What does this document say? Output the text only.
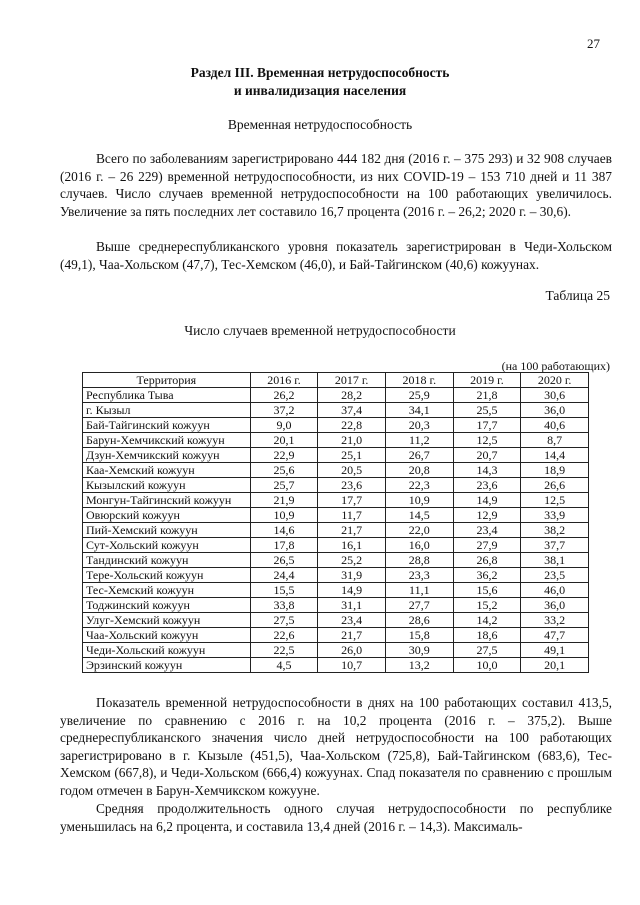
27
Раздел III. Временная нетрудоспособность
и инвалидизация населения
Временная нетрудоспособность

Всего по заболеваниям зарегистрировано 444 182 дня (2016 г. – 375 293) и 32 908 случаев (2016 г. – 26 229) временной нетрудоспособности, из них COVID-19 – 153 710 дней и 11 387 случаев. Число случаев временной нетрудоспособности на 100 работающих увеличилось. Увеличение за пять последних лет составило 16,7 процента (2016 г. – 26,2; 2020 г. – 30,6).

Выше среднереспубликанского уровня показатель зарегистрирован в Чеди-Хольском (49,1), Чаа-Хольском (47,7), Тес-Хемском (46,0), и Бай-Тайгинском (40,6) кожуунах.

Таблица 25
Число случаев временной нетрудоспособности
(на 100 работающих)
Территория	2016 г.	2017 г.	2018 г.	2019 г.	2020 г.
Республика Тыва	26,2	28,2	25,9	21,8	30,6
г. Кызыл	37,2	37,4	34,1	25,5	36,0
Бай-Тайгинский кожуун	9,0	22,8	20,3	17,7	40,6
Барун-Хемчикский кожуун	20,1	21,0	11,2	12,5	8,7
Дзун-Хемчикский кожуун	22,9	25,1	26,7	20,7	14,4
Каа-Хемский кожуун	25,6	20,5	20,8	14,3	18,9
Кызылский кожуун	25,7	23,6	22,3	23,6	26,6
Монгун-Тайгинский кожуун	21,9	17,7	10,9	14,9	12,5
Овюрский кожуун	10,9	11,7	14,5	12,9	33,9
Пий-Хемский кожуун	14,6	21,7	22,0	23,4	38,2
Сут-Хольский кожуун	17,8	16,1	16,0	27,9	37,7
Тандинский кожуун	26,5	25,2	28,8	26,8	38,1
Тере-Хольский кожуун	24,4	31,9	23,3	36,2	23,5
Тес-Хемский кожуун	15,5	14,9	11,1	15,6	46,0
Тоджинский кожуун	33,8	31,1	27,7	15,2	36,0
Улуг-Хемский кожуун	27,5	23,4	28,6	14,2	33,2
Чаа-Хольский кожуун	22,6	21,7	15,8	18,6	47,7
Чеди-Хольский кожуун	22,5	26,0	30,9	27,5	49,1
Эрзинский кожуун	4,5	10,7	13,2	10,0	20,1

Показатель временной нетрудоспособности в днях на 100 работающих составил 413,5, увеличение по сравнению с 2016 г. на 10,2 процента (2016 г. – 375,2). Выше среднереспубликанского значения число дней нетрудоспособности на 100 работающих зарегистрировано в г. Кызыле (451,5), Чаа-Хольском (725,8), Бай-Тайгинском (683,6), Тес-Хемском (667,8), и Чеди-Хольском (666,4) кожуунах. Спад показателя по сравнению с прошлым годом отмечен в Барун-Хемчикском кожууне.

Средняя продолжительность одного случая нетрудоспособности по республике уменьшилась на 6,2 процента, и составила 13,4 дней (2016 г. – 14,3). Максималь-
